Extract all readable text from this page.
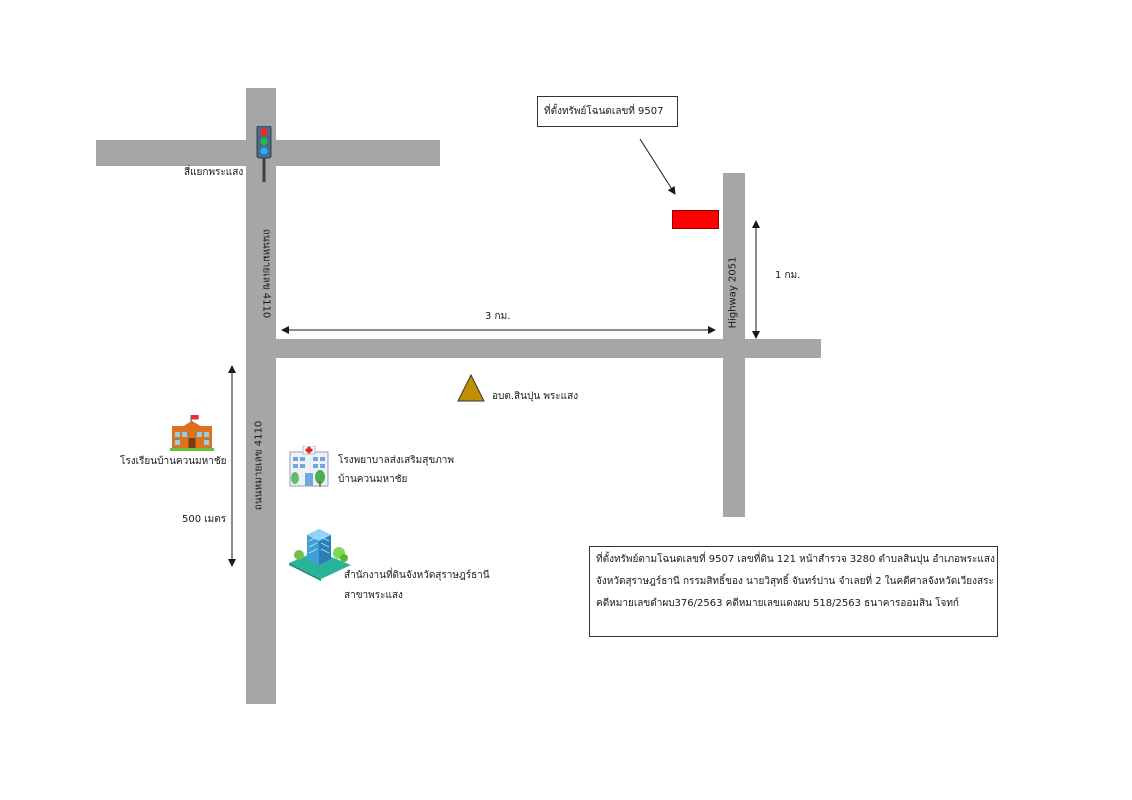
สี่แยกพระแสง
ถนนหมายเลข 4110
ถนนหมายเลข 4110
Highway 2051
3 กม.
1 กม.
500 เมตร
ที่ตั้งทรัพย์โฉนดเลขที่ 9507
อบต.สินปุน พระแสง
โรงเรียนบ้านควนมหาชัย	โรงพยาบาลส่งเสริมสุขภาพ
บ้านควนมหาชัย
สำนักงานที่ดินจังหวัดสุราษฎร์ธานี
สาขาพระแสง
ที่ตั้งทรัพย์ตามโฉนดเลขที่ 9507 เลขที่ดิน 121 หน้าสำรวจ 3280 ตำบลสินปุน อำเภอพระแสง
จังหวัดสุราษฎร์ธานี กรรมสิทธิ์ของ นายวิสุทธิ์ จันทร์ปาน จำเลยที่ 2 ในคดีศาลจังหวัดเวียงสระ
คดีหมายเลขดำผบ376/2563 คดีหมายเลขแดงผบ 518/2563 ธนาคารออมสิน โจทก์
